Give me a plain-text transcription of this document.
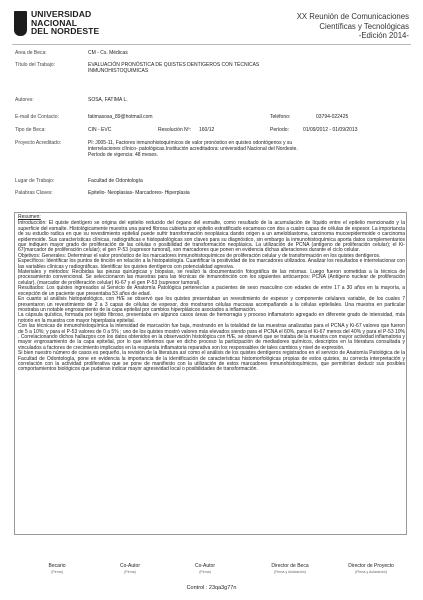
UNIVERSIDAD
NACIONAL
DEL NORDESTE
XX Reunión de Comunicaciones
Científicas y Tecnológicas
-Edición 2014-
Area de Beca:	CM - Cs. Médicas
Título del Trabajo:	EVALUACIÓN PRONÓSTICA DE QUISTES DENTIGEROS CON TÉCNICAS
INMUNOHISTOQUIMICAS
Autores:	SOSA, FATIMA L.
E-mail de Contacto:	fatimasosa_89@hotmail.com	Teléfono:	03794-022425
Tipo de Beca:	CIN - EVC	Resolución Nº: 160/12	Período:	01/09/2012 - 01/09/2013
Proyecto Acreditado:	Pl: J005-11, Factores inmunohistoquímicos de valor pronóstico en quistes odontógenos y su
interrelaciones clínico- patológicas.Institución acreditadora: universidad Nacional del Nordeste.
Período de vigencia: 48 meses.
Lugar de Trabajo:	Facultad de Odontología
Palabras Claves:	Epitelio- Neoplasias- Marcadores- Hiperplasia
Resumen:

Introducción: El quiste dentígero se origina del epitelio reducido del órgano del esmalte, como resultado de la acumulación de líquido entre el epitelio mencionado y la superficie del esmalte. Histológicamente muestra una pared fibrosa cubierta por epitelio estratificado escamoso con dos a cuatro capas de células de espesor. La importancia de su estudio radica en que su revestimiento epitelial puede sufrir transformación neoplásica dando origen a un ameloblastoma, carcinoma mucoepidermoide o carcinoma epidermoide. Sus características clínicas, radiográficas e histopatológicas son claves para su diagnóstico, sin embargo la inmunohistoquímica aporta datos complementarios que indiquen mayor grado de proliferación de las células o posibilidad de transformación neoplásica. La utilización de PCNA (antígeno de proliferación celular); el Ki-67(marcador de proliferación celular); el gen P-53 (supresor tumoral), son marcadores que ponen en evidencia dichas alteraciones durante el ciclo celular.

Objetivos: Generales: Determinar el valor pronóstico de los marcadores inmunohistoquímicos de proliferación celular y de transformación en los quistes dentígeros.

Específicos: Identificar los puntos de tinción en relación a la histopatología. Cuantificar la positividad de los marcadores utilizados. Analizar los resultados e interrelacionar con las variables clínicas y radiográficas. Identificar los quistes dentígeros con potencialidad agresiva.

Materiales y métodos: Recibidas las piezas quirúrgicas y biopsias, se realizó la documentación fotográfica de las mismas. Luego fueron sometidas a la técnica de procesamiento convencional. Se seleccionaron las muestras para las técnicas de inmunotinción con los siguientes anticuerpos: PCNA (Antígeno nuclear de proliferación celular), (marcador de proliferación celular) Ki-67 y el gen P-53 (supresor tumoral).

Resultados: Los quistes ingresados al Servicio de Anatomía Patológica pertenecían a pacientes de sexo masculino con edades de entre 17 a 30 años en la mayoría, a excepción de un paciente que presentaba 53 años de edad.

En cuanto al análisis histopatológico, con H/E se observó que los quistes presentaban un revestimiento de espesor y componente celulares variable, de los cuales 7 presentaron un revestimiento de 2 a 3 capas de células de espesor, dos mostraron células mucosas acompañando a la células epiteliales. Una muestra en particular mostraba un notable engrosamiento de la capa epitelial por cambios hiperplásicos asociados a inflamación.

La cápsula quística, formada por tejido fibroso, presentaba en algunos casos áreas de hemorragia y proceso inflamatorio agregado en diferente grado de intensidad, más notorio en la muestra con mayor hiperplasia epitelial.

Con las técnicas de inmunohistoquímica la intensidad de marcación fue baja, mostrando en la totalidad de las muestras analizadas para el PCNA y Ki-67 valores que fueron de 5 a 10%; y para el P-53 valores de 0 a 5% ; uno de los quistes mostró valores más elevados siendo para el PCNA el 60%, para el Ki-67 menos del 40% y para el P-53 10% . Correlacionando dichos hallazgos con los datos obtenidos en la observación histológica con H/E, se observó que se trataba de la muestra con mayor actividad inflamatoria y mayor engrosamiento de la capa epitelial, por lo que inferimos que en dicho proceso la participación de mediadores químicos, descriptos en la literatura consultada y vinculados a factores de crecimiento implicados en la respuesta inflamatoria reparativa son los responsables de tales cambios y nivel de expresión.

Si bien nuestro número de casos es pequeño, la revisión de la literatura así como el análisis de los quistes dentígeros registrados en el servicio de Anatomía Patológica de la Facultad de Odontología, pone en evidencia la importancia de la identificación de características histomorfológicas propias de estos quistes, su correcta interpretación y correlación con la actividad proliferativa que se pone de manifiesto con la utilización de estos marcadores inmunohistoquímicos, que permitirían deducir sus posibles comportamientos biológicos que pudieran indicar mayor agresividad local o posibilidades de transformación.

Becario
(Firma)
Co-Autor
(Firma)
Co-Autor
(Firma)
Director de Beca
(Firma y Aclaración)
Director de Proyecto
(Firma y Aclaración)
Control : 23qa3g77n
